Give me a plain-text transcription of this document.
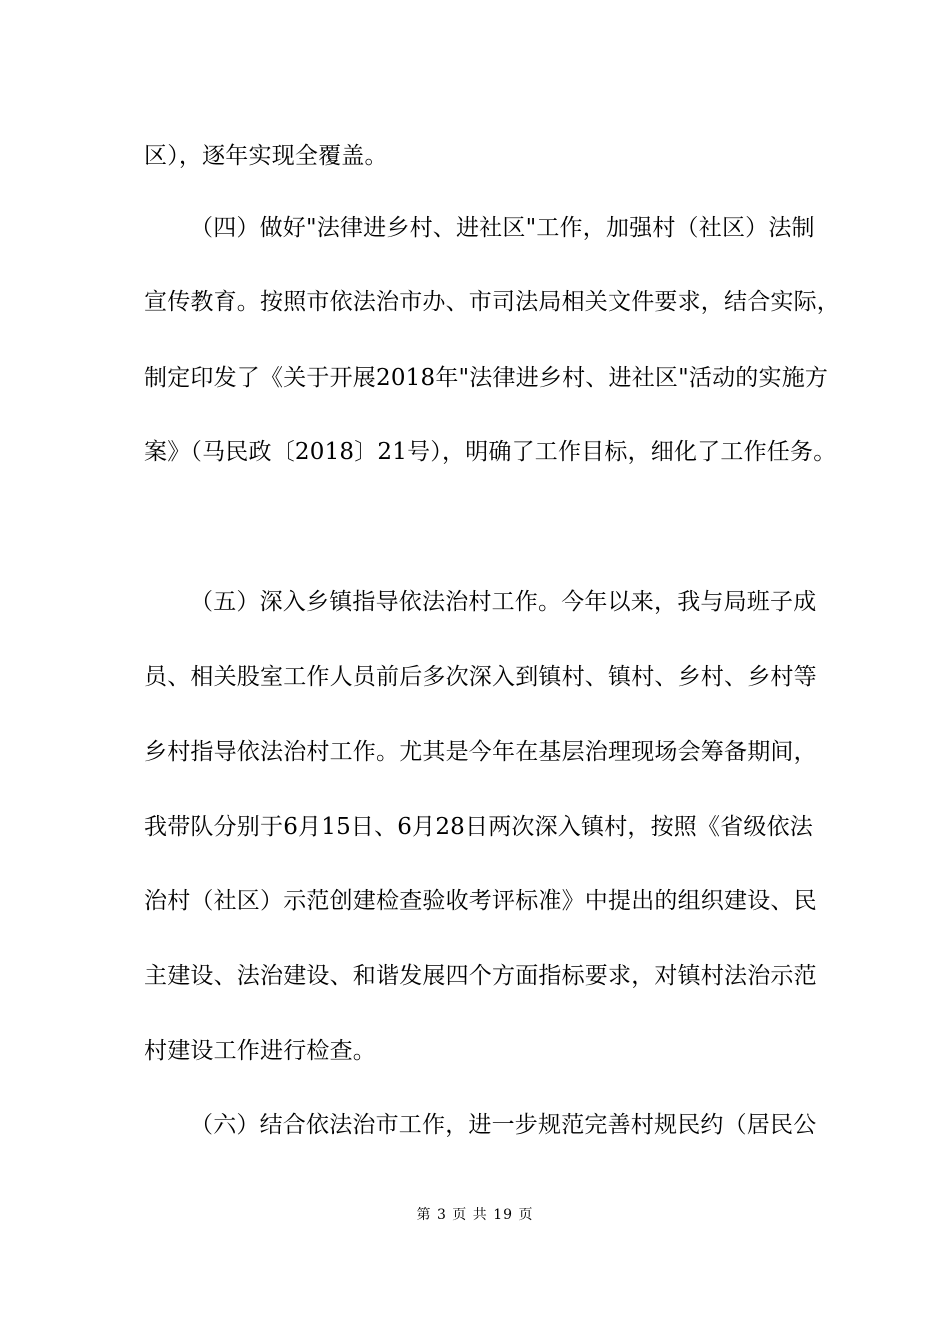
区），逐年实现全覆盖。
（四）做好"法律进乡村、进社区"工作，加强村（社区）法制
宣传教育。按照市依法治市办、市司法局相关文件要求，结合实际，
制定印发了《关于开展2018年"法律进乡村、进社区"活动的实施方
案》（马民政〔2018〕21号），明确了工作目标，细化了工作任务。
（五）深入乡镇指导依法治村工作。今年以来，我与局班子成
员、相关股室工作人员前后多次深入到镇村、镇村、乡村、乡村等
乡村指导依法治村工作。尤其是今年在基层治理现场会筹备期间，
我带队分别于6月15日、6月28日两次深入镇村，按照《省级依法
治村（社区）示范创建检查验收考评标准》中提出的组织建设、民
主建设、法治建设、和谐发展四个方面指标要求，对镇村法治示范
村建设工作进行检查。
（六）结合依法治市工作，进一步规范完善村规民约（居民公
第 3 页 共 19 页
